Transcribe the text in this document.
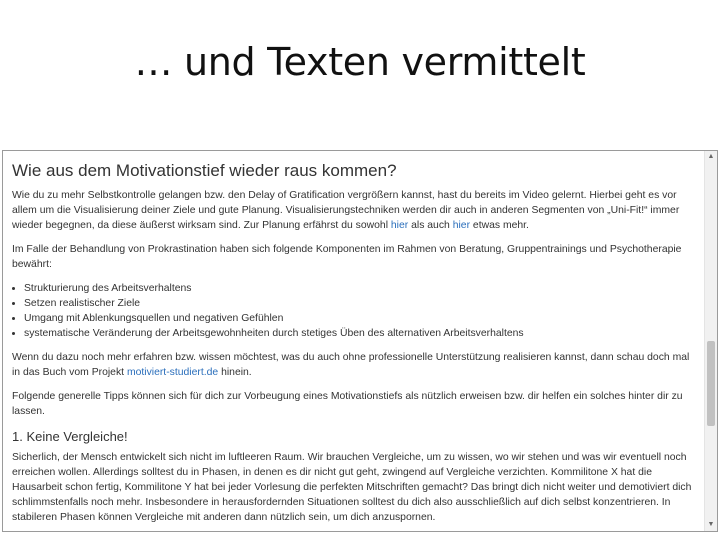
… und Texten vermittelt
Wie aus dem Motivationstief wieder raus kommen?

Wie du zu mehr Selbstkontrolle gelangen bzw. den Delay of Gratification vergrößern kannst, hast du bereits im Video gelernt. Hierbei geht es vor allem um die Visualisierung deiner Ziele und gute Planung. Visualisierungstechniken werden dir auch in anderen Segmenten von „Uni-Fit!“ immer wieder begegnen, da diese äußerst wirksam sind. Zur Planung erfährst du sowohl hier als auch hier etwas mehr.

Im Falle der Behandlung von Prokrastination haben sich folgende Komponenten im Rahmen von Beratung, Gruppentrainings und Psychotherapie bewährt:

• Strukturierung des Arbeitsverhaltens
• Setzen realistischer Ziele
• Umgang mit Ablenkungsquellen und negativen Gefühlen
• systematische Veränderung der Arbeitsgewohnheiten durch stetiges Üben des alternativen Arbeitsverhaltens

Wenn du dazu noch mehr erfahren bzw. wissen möchtest, was du auch ohne professionelle Unterstützung realisieren kannst, dann schau doch mal in das Buch vom Projekt motiviert-studiert.de hinein.

Folgende generelle Tipps können sich für dich zur Vorbeugung eines Motivationstiefs als nützlich erweisen bzw. dir helfen ein solches hinter dir zu lassen.

1. Keine Vergleiche!

Sicherlich, der Mensch entwickelt sich nicht im luftleeren Raum. Wir brauchen Vergleiche, um zu wissen, wo wir stehen und was wir eventuell noch erreichen wollen. Allerdings solltest du in Phasen, in denen es dir nicht gut geht, zwingend auf Vergleiche verzichten. Kommilitone X hat die Hausarbeit schon fertig, Kommilitone Y hat bei jeder Vorlesung die perfekten Mitschriften gemacht? Das bringt dich nicht weiter und demotiviert dich schlimmstenfalls noch mehr. Insbesondere in herausfordernden Situationen solltest du dich also ausschließlich auf dich selbst konzentrieren. In stabileren Phasen können Vergleiche mit anderen dann nützlich sein, um dich anzuspornen.

▲
▼
